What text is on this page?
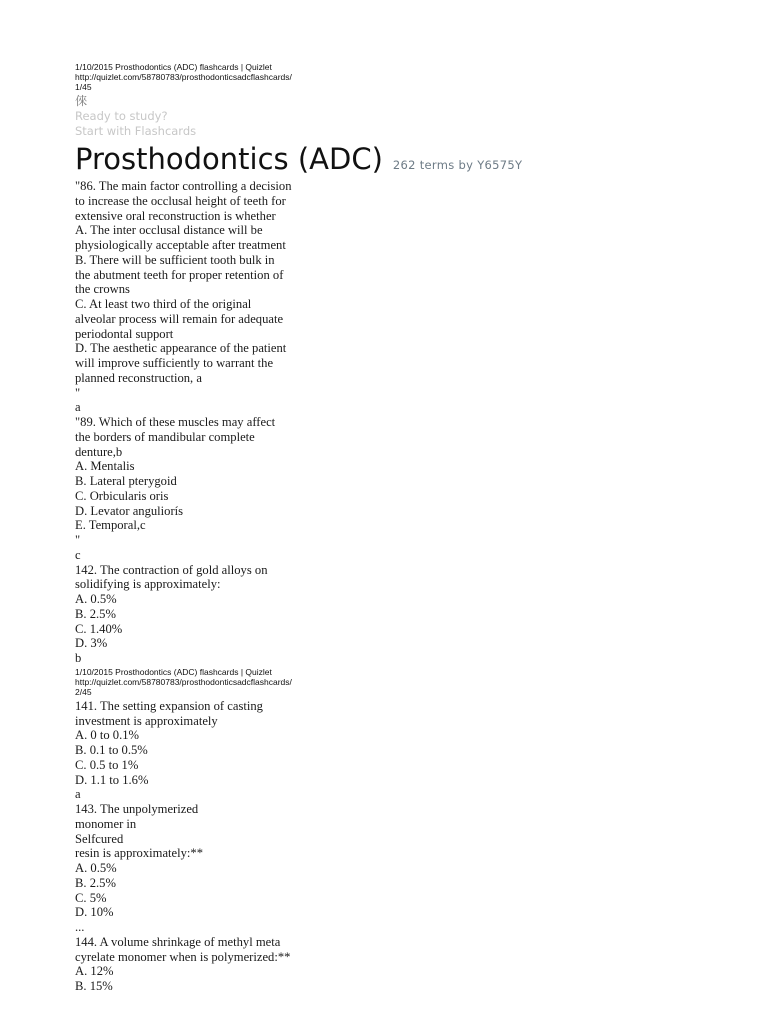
1/10/2015 Prosthodontics (ADC) flashcards | Quizlet
http://quizlet.com/58780783/prosthodonticsadcflashcards/
1/45
倈
Ready to study?
Start with Flashcards
Prosthodontics (ADC) 262 terms by Y6575Y
"86. The main factor controlling a decision
to increase the occlusal height of teeth for
extensive oral reconstruction is whether
A. The inter occlusal distance will be
physiologically acceptable after treatment
B. There will be sufficient tooth bulk in
the abutment teeth for proper retention of
the crowns
C. At least two third of the original
alveolar process will remain for adequate
periodontal support
D. The aesthetic appearance of the patient
will improve sufficiently to warrant the
planned reconstruction, a
"
a
"89. Which of these muscles may affect
the borders of mandibular complete
denture,b
A. Mentalis
B. Lateral pterygoid
C. Orbicularis oris
D. Levator anguliorís
E. Temporal,c
"
c
142. The contraction of gold alloys on
solidifying is approximately:
A. 0.5%
B. 2.5%
C. 1.40%
D. 3%
b
1/10/2015 Prosthodontics (ADC) flashcards | Quizlet
http://quizlet.com/58780783/prosthodonticsadcflashcards/
2/45
141. The setting expansion of casting
investment is approximately
A. 0 to 0.1%
B. 0.1 to 0.5%
C. 0.5 to 1%
D. 1.1 to 1.6%
a
143. The unpolymerized
monomer in
Selfcured
resin is approximately:**
A. 0.5%
B. 2.5%
C. 5%
D. 10%
...
144. A volume shrinkage of methyl meta
cyrelate monomer when is polymerized:**
A. 12%
B. 15%
